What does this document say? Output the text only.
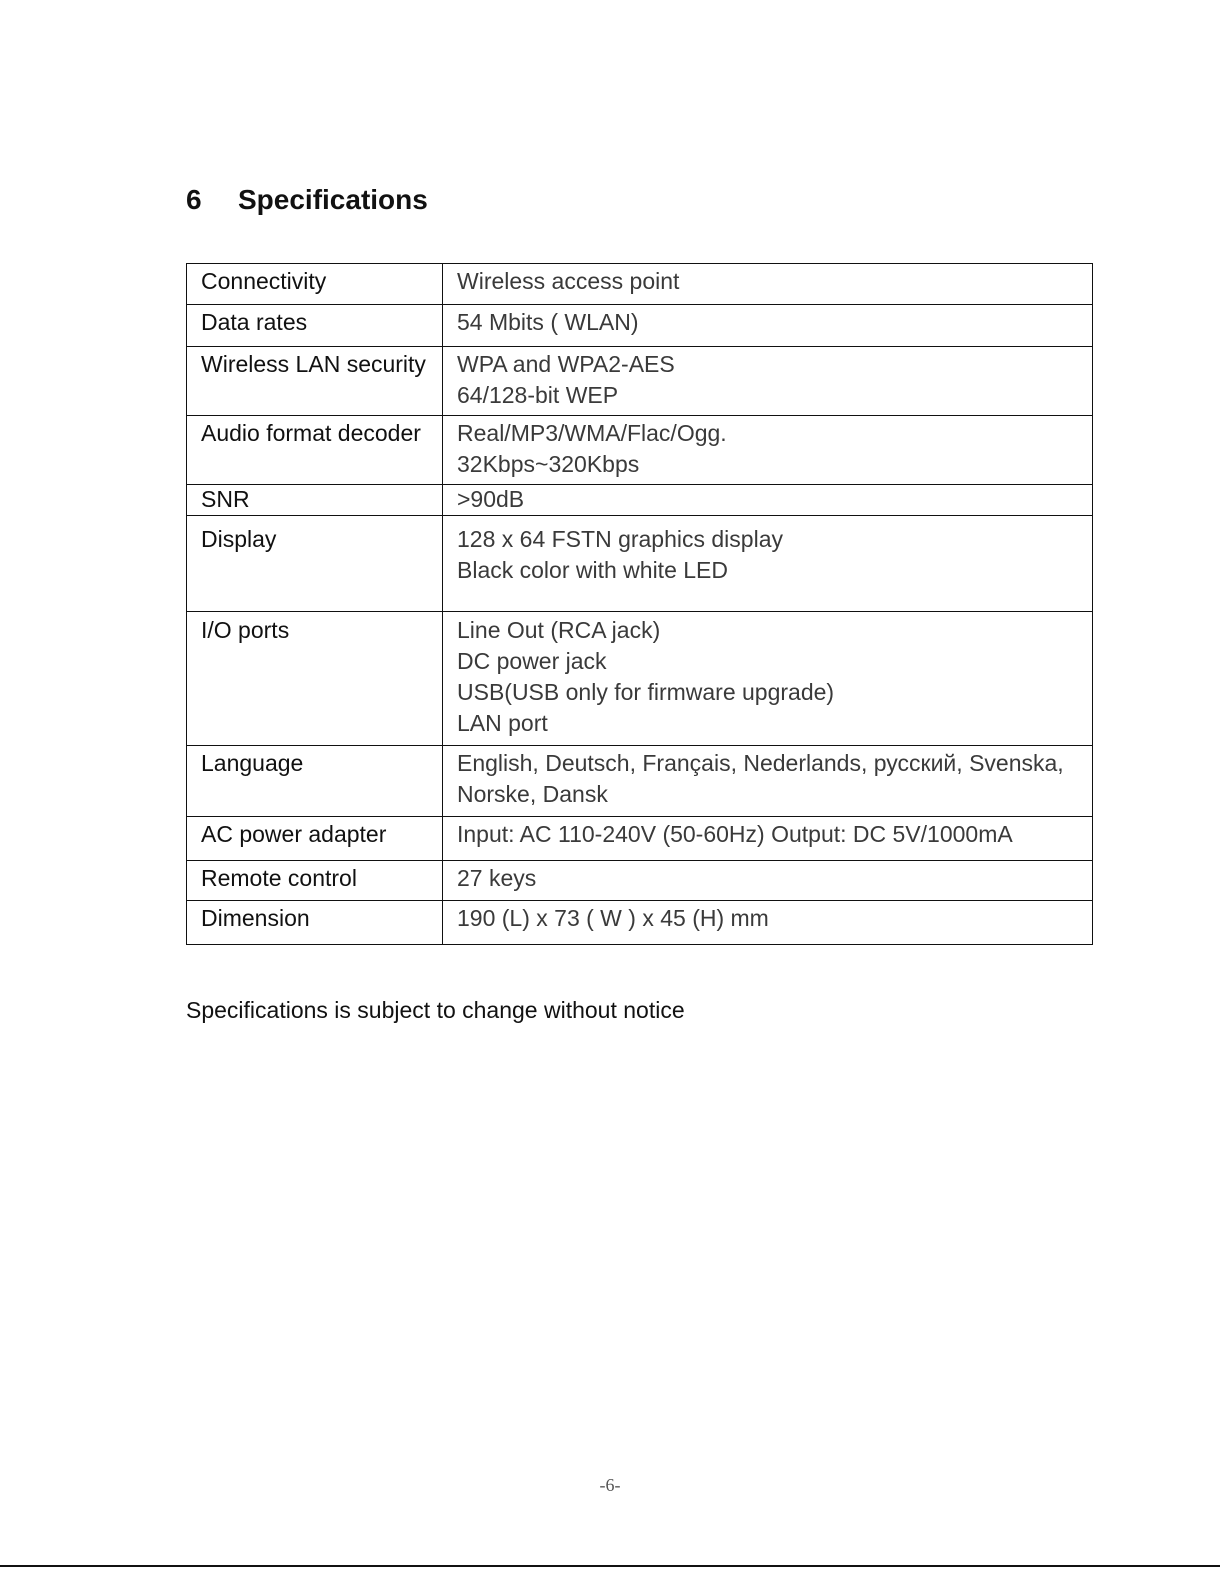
6 Specifications
Connectivity	Wireless access point

Data rates	54 Mbits ( WLAN)

Wireless LAN security	WPA and WPA2-AES
64/128-bit WEP

Audio format decoder	Real/MP3/WMA/Flac/Ogg.
32Kbps~320Kbps

SNR	>90dB

Display	128 x 64 FSTN graphics display
Black color with white LED

I/O ports	Line Out (RCA jack)
DC power jack
USB(USB only for firmware upgrade)
LAN port

Language	English, Deutsch, Français, Nederlands, русский, Svenska,
Norske, Dansk

AC power adapter	Input: AC 110-240V (50-60Hz) Output: DC 5V/1000mA

Remote control	27 keys

Dimension	190 (L) x 73 ( W ) x 45 (H) mm
Specifications is subject to change without notice
-6-
